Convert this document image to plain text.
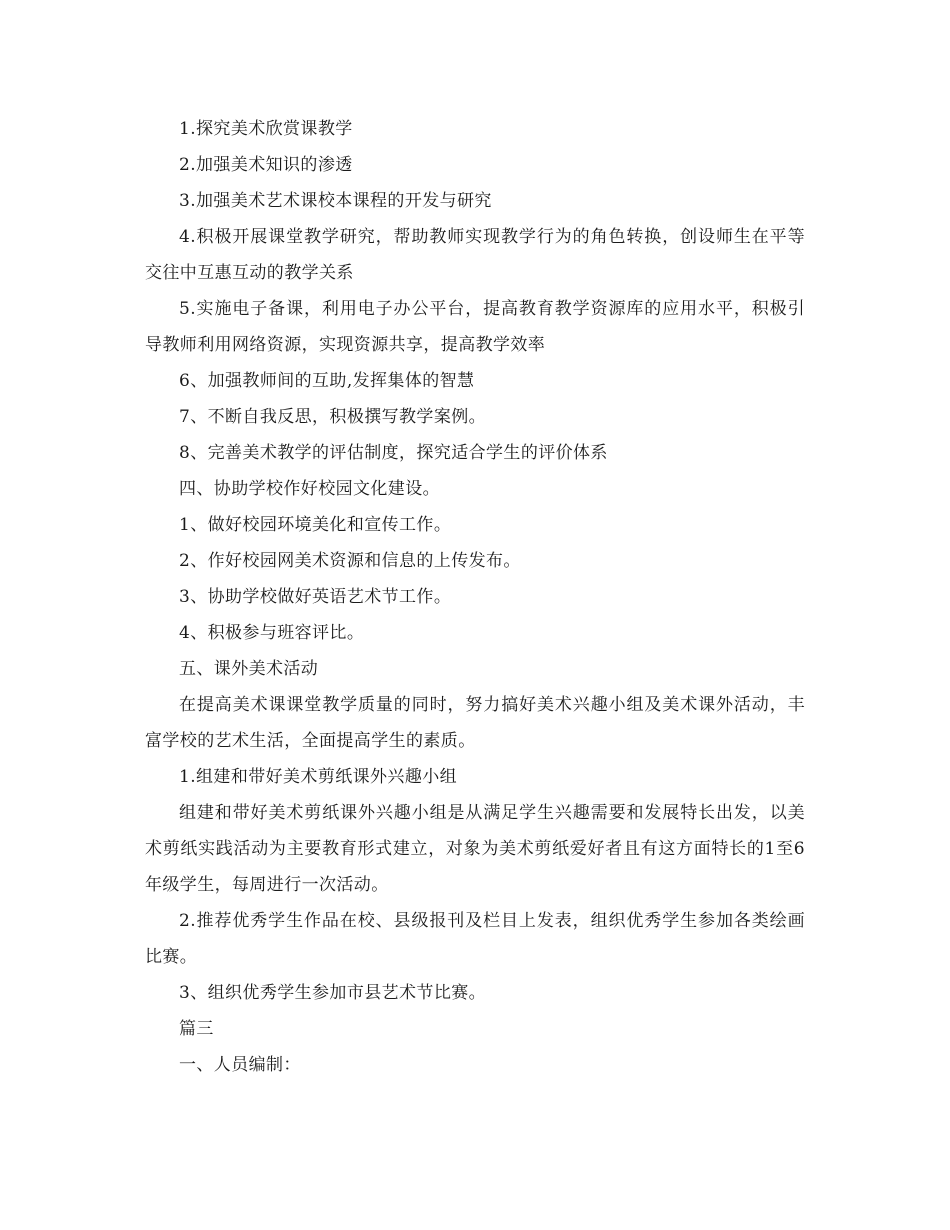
1.探究美术欣赏课教学

2.加强美术知识的渗透

3.加强美术艺术课校本课程的开发与研究

4.积极开展课堂教学研究，帮助教师实现教学行为的角色转换，创设师生在平等交往中互惠互动的教学关系

5.实施电子备课，利用电子办公平台，提高教育教学资源库的应用水平，积极引导教师利用网络资源，实现资源共享，提高教学效率

6、加强教师间的互助,发挥集体的智慧

7、不断自我反思，积极撰写教学案例。

8、完善美术教学的评估制度，探究适合学生的评价体系

四、协助学校作好校园文化建设。

1、做好校园环境美化和宣传工作。

2、作好校园网美术资源和信息的上传发布。

3、协助学校做好英语艺术节工作。

4、积极参与班容评比。

五、课外美术活动

在提高美术课课堂教学质量的同时，努力搞好美术兴趣小组及美术课外活动，丰富学校的艺术生活，全面提高学生的素质。

1.组建和带好美术剪纸课外兴趣小组

组建和带好美术剪纸课外兴趣小组是从满足学生兴趣需要和发展特长出发，以美术剪纸实践活动为主要教育形式建立，对象为美术剪纸爱好者且有这方面特长的1至6年级学生，每周进行一次活动。

2.推荐优秀学生作品在校、县级报刊及栏目上发表，组织优秀学生参加各类绘画比赛。

3、组织优秀学生参加市县艺术节比赛。

篇三

一、人员编制：
